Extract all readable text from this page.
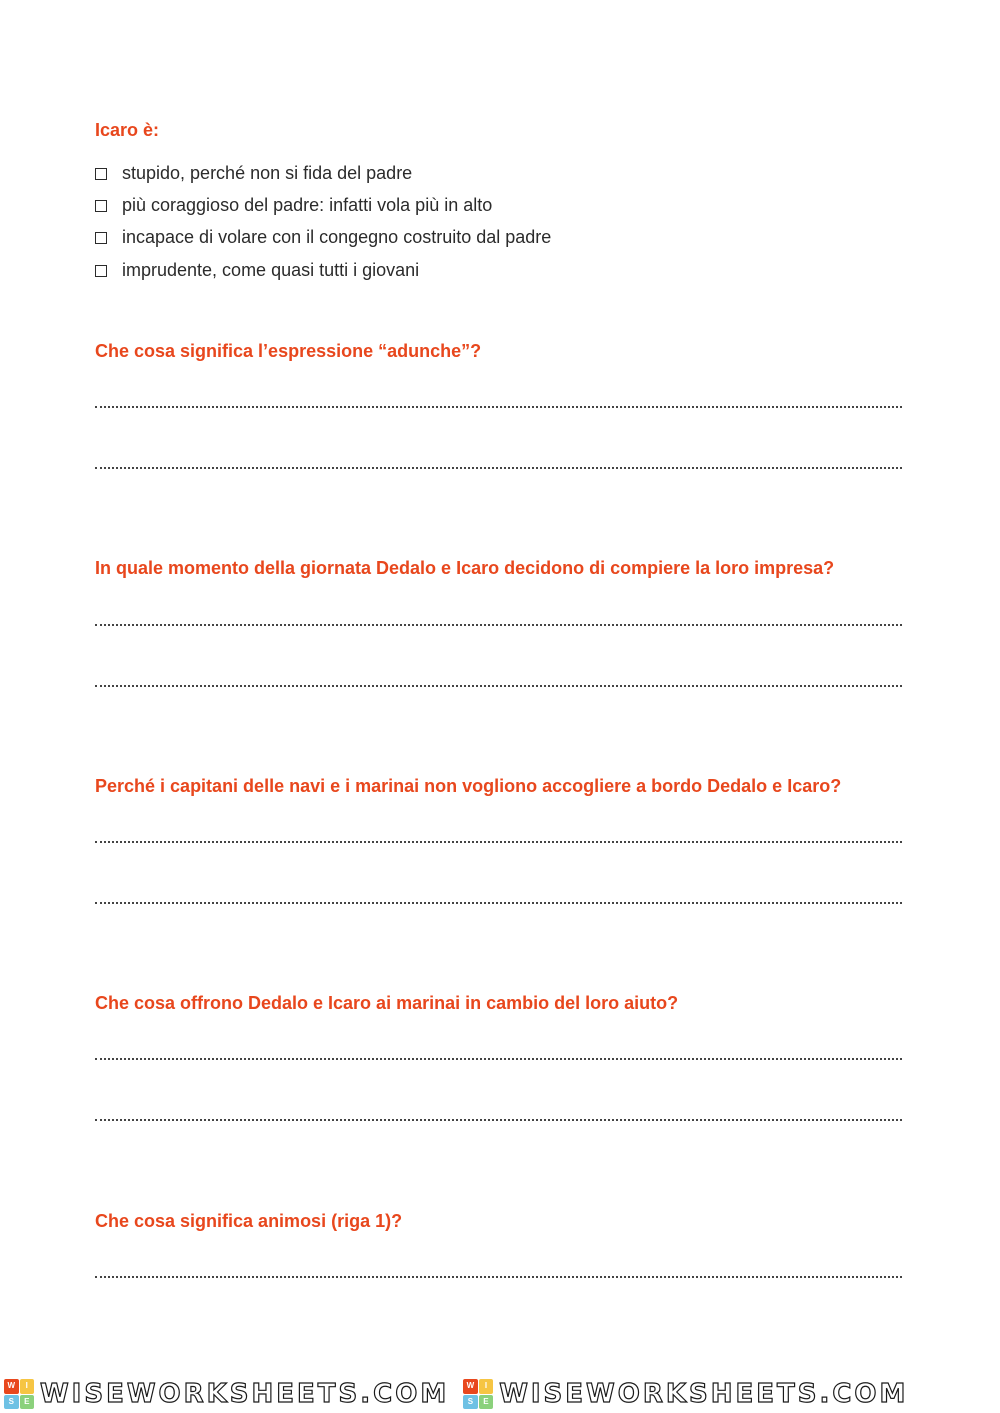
Icaro è:
stupido, perché non si fida del padre
più coraggioso del padre: infatti vola più in alto
incapace di volare con il congegno costruito dal padre
imprudente, come quasi tutti i giovani
Che cosa significa l’espressione “adunche”?
In quale momento della giornata Dedalo e Icaro decidono di compiere la loro impresa?
Perché i capitani delle navi e i marinai non vogliono accogliere a bordo Dedalo e Icaro?
Che cosa offrono Dedalo e Icaro ai marinai in cambio del loro aiuto?
Che cosa significa animosi (riga 1)?
W	I
S	E WISEWORKSHEETS.COM	W	I
S	E WISEWORKSHEETS.COM
